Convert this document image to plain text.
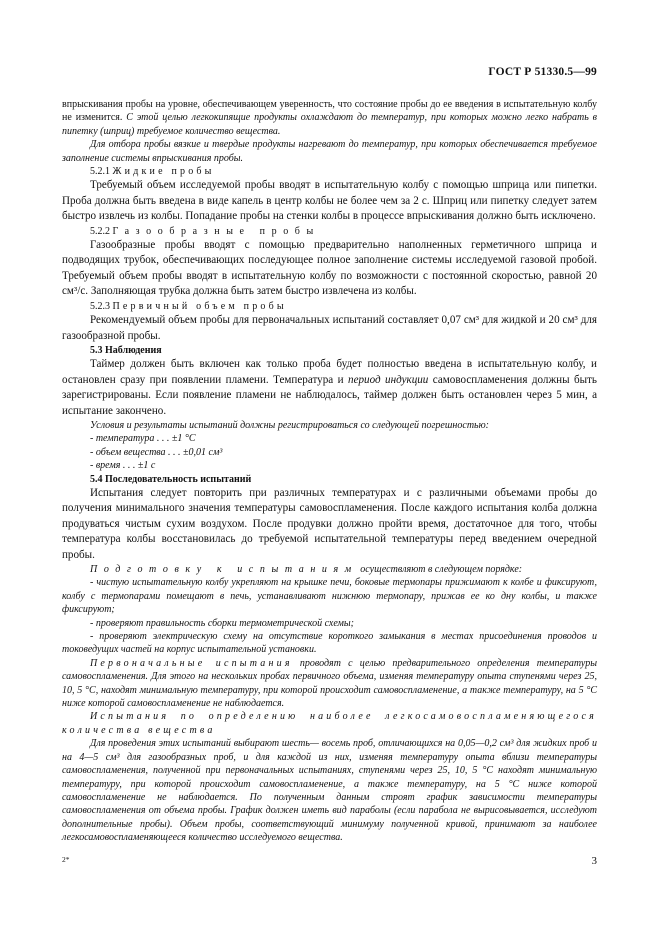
ГОСТ Р 51330.5—99

впрыскивания пробы на уровне, обеспечивающем уверенность, что состояние пробы до ее введения в испытательную колбу не изменится. С этой целью легкокипящие продукты охлаждают до температур, при которых можно легко набрать в пипетку (шприц) требуемое количество вещества.

Для отбора пробы вязкие и твердые продукты нагревают до температур, при которых обеспечивается требуемое заполнение системы впрыскивания пробы.

5.2.1 Жидкие пробы

Требуемый объем исследуемой пробы вводят в испытательную колбу с помощью шприца или пипетки. Проба должна быть введена в виде капель в центр колбы не более чем за 2 с. Шприц или пипетку следует затем быстро извлечь из колбы. Попадание пробы на стенки колбы в процессе впрыскивания должно быть исключено.

5.2.2 Газообразные пробы

Газообразные пробы вводят с помощью предварительно наполненных герметичного шприца и подводящих трубок, обеспечивающих последующее полное заполнение системы исследуемой газовой пробой. Требуемый объем пробы вводят в испытательную колбу по возможности с постоянной скоростью, равной 20 см³/с. Заполняющая трубка должна быть затем быстро извлечена из колбы.

5.2.3 Первичный объем пробы

Рекомендуемый объем пробы для первоначальных испытаний составляет 0,07 см³ для жидкой и 20 см³ для газообразной пробы.

5.3 Наблюдения

Таймер должен быть включен как только проба будет полностью введена в испытательную колбу, и остановлен сразу при появлении пламени. Температура и период индукции самовоспламенения должны быть зарегистрированы. Если появление пламени не наблюдалось, таймер должен быть остановлен через 5 мин, а испытание закончено.

Условия и результаты испытаний должны регистрироваться со следующей погрешностью:

- температура . . . ±1 °С

- объем вещества . . . ±0,01 см³

- время . . . ±1 с

5.4 Последовательность испытаний

Испытания следует повторить при различных температурах и с различными объемами пробы до получения минимального значения температуры самовоспламенения. После каждого испытания колба должна продуваться чистым сухим воздухом. После продувки должно пройти время, достаточное для того, чтобы температура колбы восстановилась до требуемой испытательной температуры перед введением очередной пробы.

Подготовку к испытаниям осуществляют в следующем порядке:

- чистую испытательную колбу укрепляют на крышке печи, боковые термопары прижимают к колбе и фиксируют, колбу с термопарами помещают в печь, устанавливают нижнюю термопару, прижав ее ко дну колбы, и также фиксируют;

- проверяют правильность сборки термометрической схемы;

- проверяют электрическую схему на отсутствие короткого замыкания в местах присоединения проводов и токоведущих частей на корпус испытательной установки.

Первоначальные испытания проводят с целью предварительного определения температуры самовоспламенения. Для этого на нескольких пробах первичного объема, изменяя температуру опыта ступенями через 25, 10, 5 °С, находят минимальную температуру, при которой происходит самовоспламенение, а также температуру, на 5 °С ниже которой самовоспламенение не наблюдается.

Испытания по определению наиболее легкосамовоспламеняющегося количества вещества

Для проведения этих испытаний выбирают шесть— восемь проб, отличающихся на 0,05—0,2 см³ для жидких проб и на 4—5 см³ для газообразных проб, и для каждой из них, изменяя температуру опыта вблизи температуры самовоспламенения, полученной при первоначальных испытаниях, ступенями через 25, 10, 5 °С находят минимальную температуру, при которой происходит самовоспламенение, а также температуру, на 5 °С ниже которой самовоспламенение не наблюдается. По полученным данным строят график зависимости температуры самовоспламенения от объема пробы. График должен иметь вид параболы (если парабола не вырисовывается, исследуют дополнительные пробы). Объем пробы, соответствующий минимуму полученной кривой, принимают за наиболее легкосамовоспламеняющееся количество исследуемого вещества.

2*	3
